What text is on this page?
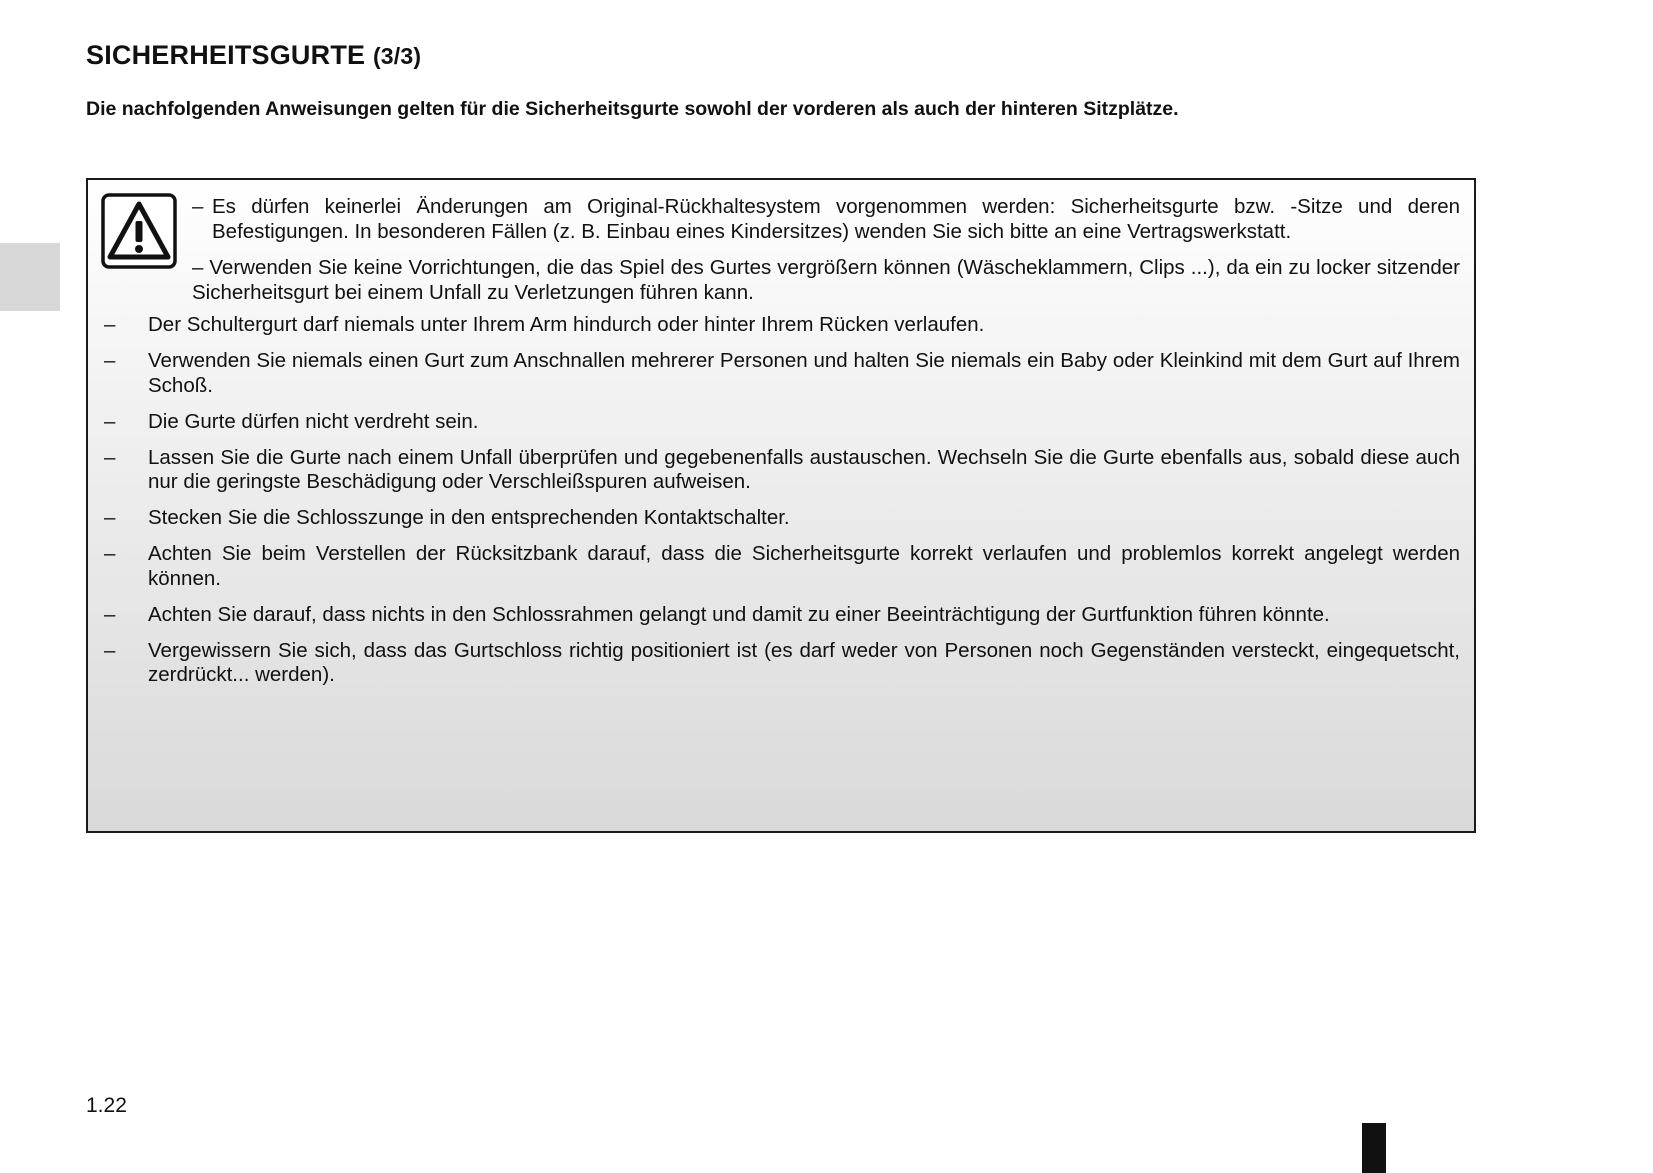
SICHERHEITSGURTE (3/3)

Die nachfolgenden Anweisungen gelten für die Sicherheitsgurte sowohl der vorderen als auch der hinteren Sitzplätze.

– Es dürfen keinerlei Änderungen am Original-Rückhaltesystem vorgenommen werden: Sicherheitsgurte bzw. -Sitze und deren Befestigungen. In besonderen Fällen (z. B. Einbau eines Kindersitzes) wenden Sie sich bitte an eine Vertragswerkstatt.

– Verwenden Sie keine Vorrichtungen, die das Spiel des Gurtes vergrößern können (Wäscheklammern, Clips ...), da ein zu locker sitzender Sicherheitsgurt bei einem Unfall zu Verletzungen führen kann.

– Der Schultergurt darf niemals unter Ihrem Arm hindurch oder hinter Ihrem Rücken verlaufen.
– Verwenden Sie niemals einen Gurt zum Anschnallen mehrerer Personen und halten Sie niemals ein Baby oder Kleinkind mit dem Gurt auf Ihrem Schoß.
– Die Gurte dürfen nicht verdreht sein.
– Lassen Sie die Gurte nach einem Unfall überprüfen und gegebenenfalls austauschen. Wechseln Sie die Gurte ebenfalls aus, sobald diese auch nur die geringste Beschädigung oder Verschleißspuren aufweisen.
– Stecken Sie die Schlosszunge in den entsprechenden Kontaktschalter.
– Achten Sie beim Verstellen der Rücksitzbank darauf, dass die Sicherheitsgurte korrekt verlaufen und problemlos korrekt angelegt werden können.
– Achten Sie darauf, dass nichts in den Schlossrahmen gelangt und damit zu einer Beeinträchtigung der Gurtfunktion führen könnte.
– Vergewissern Sie sich, dass das Gurtschloss richtig positioniert ist (es darf weder von Personen noch Gegenständen versteckt, eingequetscht, zerdrückt... werden).

1.22
